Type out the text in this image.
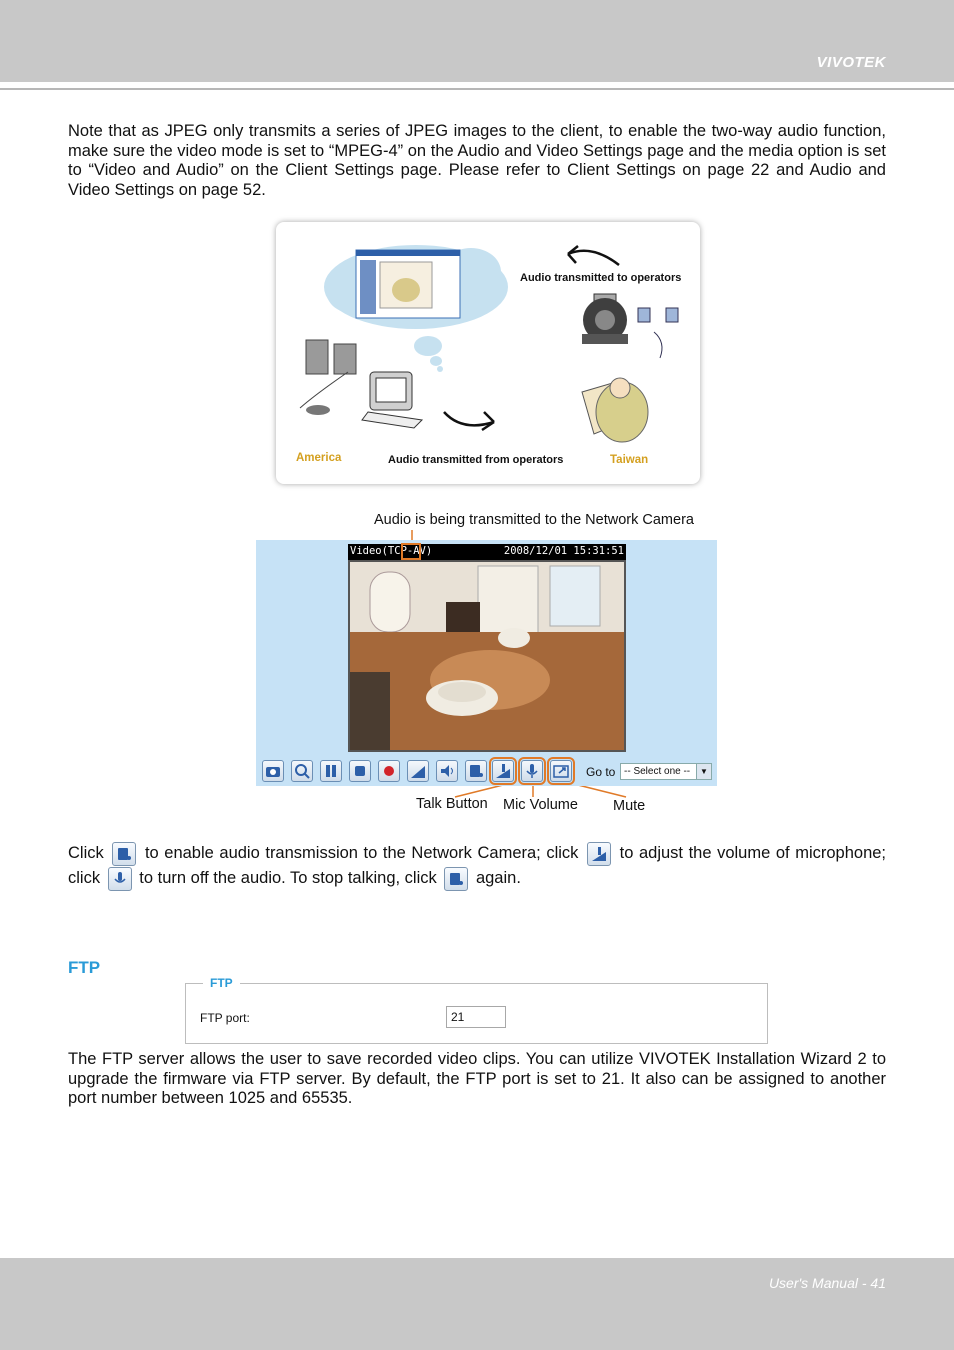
VIVOTEK

Note that as JPEG only transmits a series of JPEG images to the client, to enable the two-way audio function, make sure the video mode is set to “MPEG-4” on the Audio and Video Settings page and the media option is set to “Video and Audio” on the Client Settings page. Please refer to Client Settings on page 22 and Audio and Video Settings on page 52.

Audio transmitted to operators
Audio transmitted from operators
America	Taiwan
Audio is being transmitted to the Network Camera
Video(TCP-AV)	2008/12/01 15:31:51
Go to -- Select one --	▼
Talk Button Mic Volume Mute
Click to enable audio transmission to the Network Camera; click to adjust the volume of microphone; click to turn off the audio. To stop talking, click again.
FTP
FTP
FTP port:
21

The FTP server allows the user to save recorded video clips. You can utilize VIVOTEK Installation Wizard 2 to upgrade the firmware via FTP server. By default, the FTP port is set to 21. It also can be assigned to another port number between 1025 and 65535.

User's Manual - 41
